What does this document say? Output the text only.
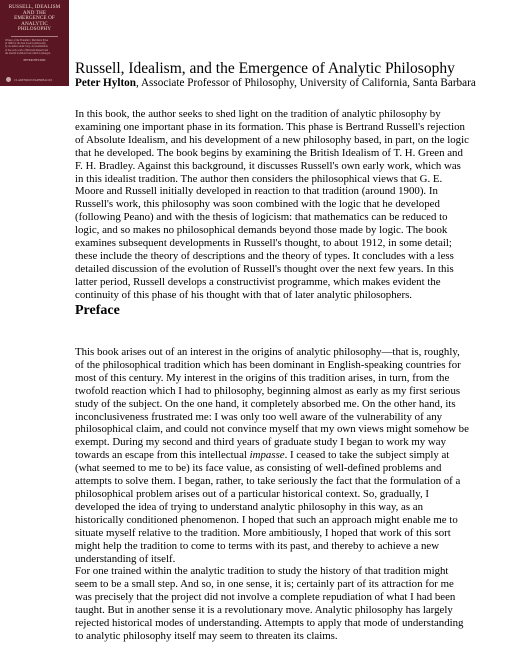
RUSSELL, IDEALISM
AND THE
EMERGENCE OF
ANALYTIC
PHILOSOPHY
Winner of the Franklin J. Matchette Prize
in 1990 for the best book in philosophy
by an author under forty. An examination
of the early work of Bertrand Russell and
the idealist tradition from which it emerged.
PETER HYLTON
CLARENDON PAPERBACKS
Russell, Idealism, and the Emergence of Analytic Philosophy
Peter Hylton, Associate Professor of Philosophy, University of California, Santa Barbara

In this book, the author seeks to shed light on the tradition of analytic philosophy by examining one important phase in its formation. This phase is Bertrand Russell's rejection of Absolute Idealism, and his development of a new philosophy based, in part, on the logic that he developed. The book begins by examining the British Idealism of T. H. Green and F. H. Bradley. Against this background, it discusses Russell's own early work, which was in this idealist tradition. The author then considers the philosophical views that G. E. Moore and Russell initially developed in reaction to that tradition (around 1900). In Russell's work, this philosophy was soon combined with the logic that he developed (following Peano) and with the thesis of logicism: that mathematics can be reduced to logic, and so makes no philosophical demands beyond those made by logic. The book examines subsequent developments in Russell's thought, to about 1912, in some detail; these include the theory of descriptions and the theory of types. It concludes with a less detailed discussion of the evolution of Russell's thought over the next few years. In this latter period, Russell develops a constructivist programme, which makes evident the continuity of this phase of his thought with that of later analytic philosophers.

Preface

This book arises out of an interest in the origins of analytic philosophy—that is, roughly, of the philosophical tradition which has been dominant in English-speaking countries for most of this century. My interest in the origins of this tradition arises, in turn, from the twofold reaction which I had to philosophy, beginning almost as early as my first serious study of the subject. On the one hand, it completely absorbed me. On the other hand, its inconclusiveness frustrated me: I was only too well aware of the vulnerability of any philosophical claim, and could not convince myself that my own views might somehow be exempt. During my second and third years of graduate study I began to work my way towards an escape from this intellectual impasse. I ceased to take the subject simply at (what seemed to me to be) its face value, as consisting of well-defined problems and attempts to solve them. I began, rather, to take seriously the fact that the formulation of a philosophical problem arises out of a particular historical context. So, gradually, I developed the idea of trying to understand analytic philosophy in this way, as an historically conditioned phenomenon. I hoped that such an approach might enable me to situate myself relative to the tradition. More ambitiously, I hoped that work of this sort might help the tradition to come to terms with its past, and thereby to achieve a new understanding of itself.

For one trained within the analytic tradition to study the history of that tradition might seem to be a small step. And so, in one sense, it is; certainly part of its attraction for me was precisely that the project did not involve a complete repudiation of what I had been taught. But in another sense it is a revolutionary move. Analytic philosophy has largely rejected historical modes of understanding. Attempts to apply that mode of understanding to analytic philosophy itself may seem to threaten its claims.
